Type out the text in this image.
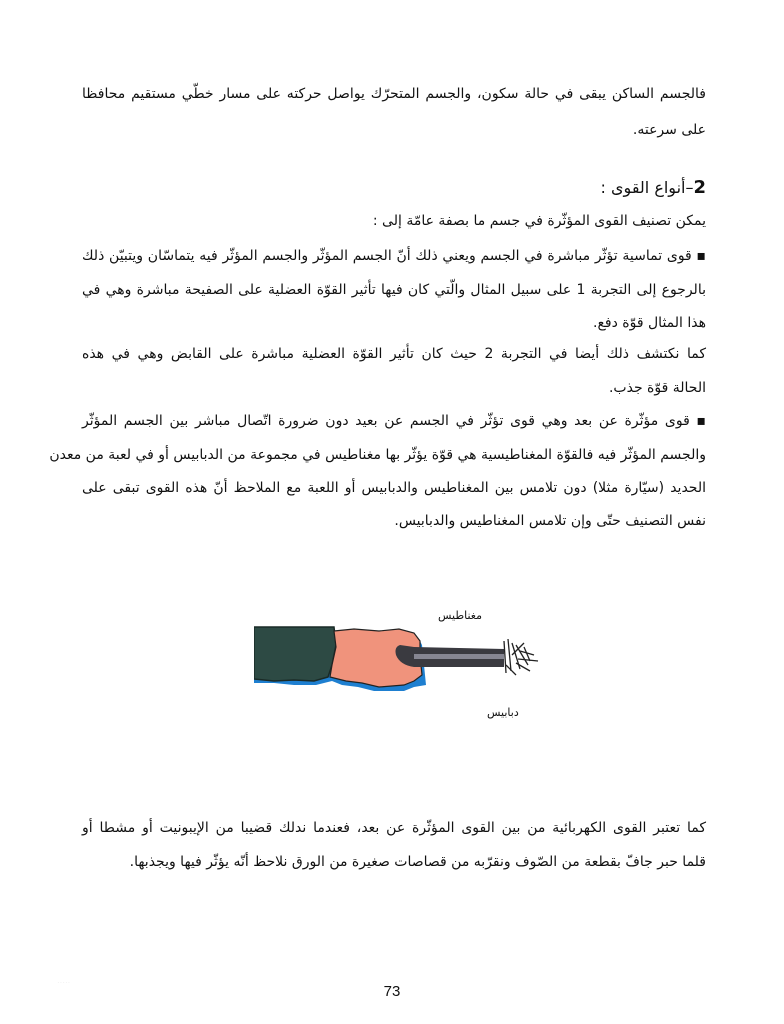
فالجسم الساكن يبقى في حالة سكون، والجسم المتحرّك يواصل حركته على مسار خطّي مستقيم محافظا
على سرعته.
2–أنواع القوى :
يمكن تصنيف القوى المؤثّرة في جسم ما بصفة عامّة إلى :
▪ قوى تماسية تؤثّر مباشرة في الجسم ويعني ذلك أنّ الجسم المؤثّر والجسم المؤثّر فيه يتماسّان ويتبيّن ذلك
بالرجوع إلى التجربة 1 على سبيل المثال والّتي كان فيها تأثير القوّة العضلية على الصفيحة مباشرة وهي في
هذا المثال قوّة دفع.
كما نكتشف ذلك أيضا في التجربة 2 حيث كان تأثير القوّة العضلية مباشرة على القابض وهي في هذه
الحالة قوّة جذب.
▪ قوى مؤثّرة عن بعد وهي قوى تؤثّر في الجسم عن بعيد دون ضرورة اتّصال مباشر بين الجسم المؤثّر
والجسم المؤثّر فيه فالقوّة المغناطيسية هي قوّة يؤثّر بها مغناطيس في مجموعة من الدبابيس أو في لعبة من معدن
الحديد (سيّارة مثلا) دون تلامس بين المغناطيس والدبابيس أو اللعبة مع الملاحظ أنّ هذه القوى تبقى على
نفس التصنيف حتّى وإن تلامس المغناطيس والدبابيس.
مغناطيس
دبابيس
كما تعتبر القوى الكهربائية من بين القوى المؤثّرة عن بعد، فعندما ندلك قضيبا من الإيبونيت أو مشطا أو
قلما حبر جافّ بقطعة من الصّوف ونقرّبه من قصاصات صغيرة من الورق نلاحظ أنّه يؤثّر فيها ويجذبها.
·····
73
